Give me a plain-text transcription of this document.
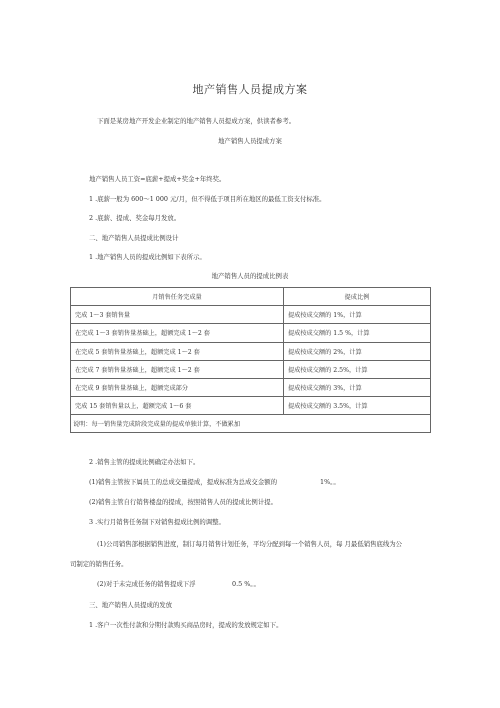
地产销售人员提成方案
下面是某房地产开发企业制定的地产销售人员提成方案，供读者参考。
地产销售人员提成方案
地产销售人员工资=底薪+提成+奖金+年终奖。
1 .底薪一般为 600～1 000 元/月，但不得低于项目所在地区的最低工资支付标准。
2 .底薪、提成、奖金每月发放。
二、地产销售人员提成比例设计
1 .地产销售人员的提成比例如下表所示。
地产销售人员的提成比例表
月销售任务完成量	提成比例
完成 1～3 套销售量	提成按成交额的 1%，计算
在完成 1～3 套销售量基础上，超额完成 1～2 套	提成按成交额的 1.5 %，计算
在完成 5 套销售量基础上，超额完成 1～2 套	提成按成交额的 2%，计算
在完成 7 套销售量基础上，超额完成 1～2 套	提成按成交额的 2.5%，计算
在完成 9 套销售量基础上，超额完成部分	提成按成交额的 3%，计算
完成 15 套销售量以上，超额完成 1～6 套	提成按成交额的 3.5%，计算
说明：每一销售量完成阶段完成量的提成单独计算，不做累加	
2 .销售主管的提成比例确定办法如下。
(1)销售主管按下属员工的总成交量提成，提成标准为总成交金额的	1%。。
(2)销售主管自行销售楼盘的提成，按照销售人员的提成比例计提。
3 .实行月销售任务制下对销售提成比例的调整。
(1)公司销售部根据销售进度，制订每月销售计划任务，平均分配到每一个销售人员，每 月最低销售底线为公
司制定的销售任务。
(2)对于未完成任务的销售提成下浮	0.5 %。。
三、地产销售人员提成的发放
1 .客户一次性付款和分期付款购买商品房时，提成的发放规定如下。
